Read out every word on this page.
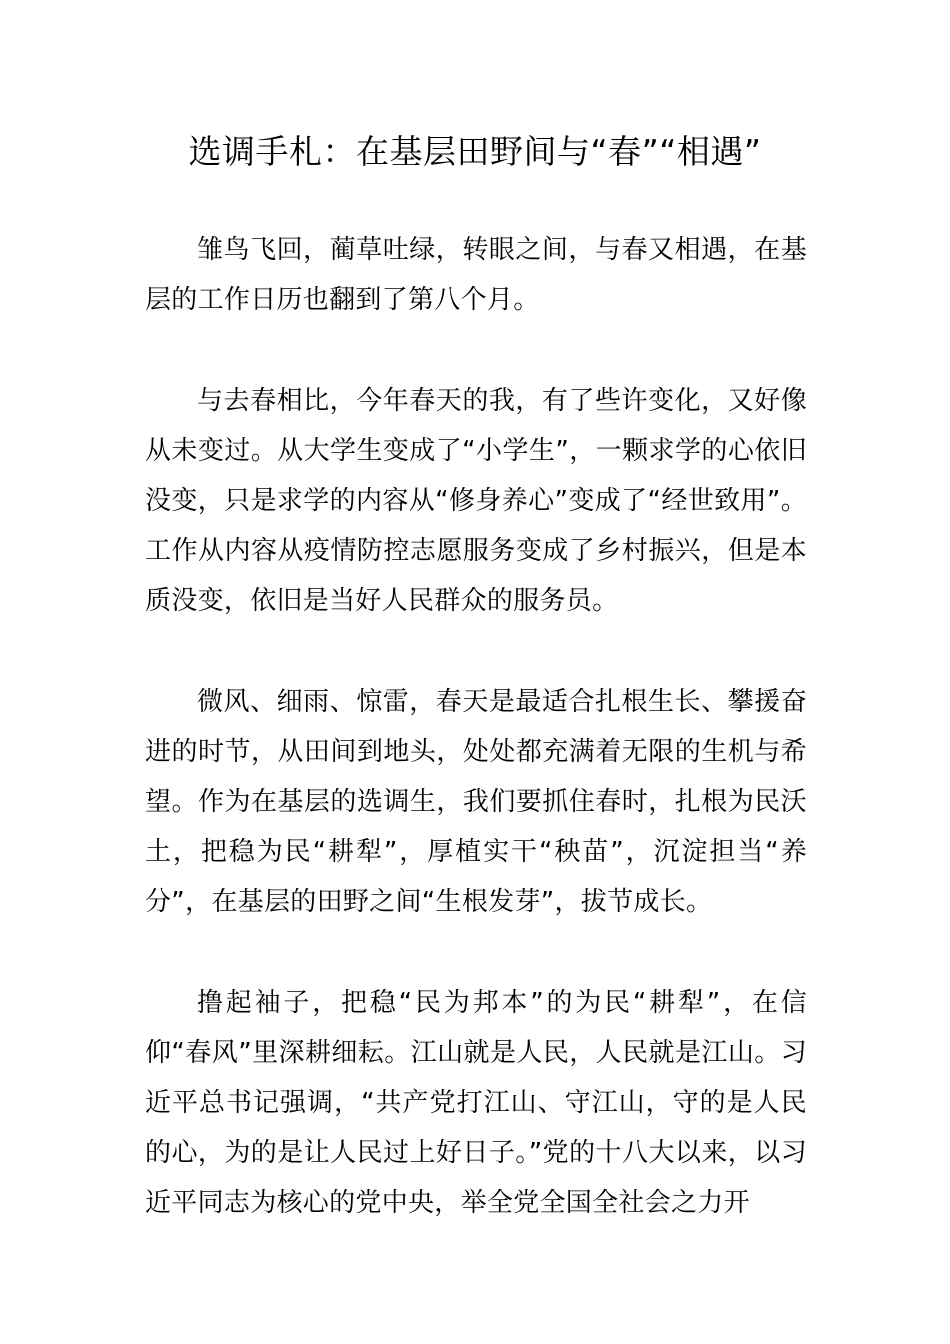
选调手札：在基层田野间与“春”“相遇”

雏鸟飞回，蔺草吐绿，转眼之间，与春又相遇，在基层的工作日历也翻到了第八个月。

与去春相比，今年春天的我，有了些许变化，又好像从未变过。从大学生变成了“小学生”，一颗求学的心依旧没变，只是求学的内容从“修身养心”变成了“经世致用”。工作从内容从疫情防控志愿服务变成了乡村振兴，但是本质没变，依旧是当好人民群众的服务员。

微风、细雨、惊雷，春天是最适合扎根生长、攀援奋进的时节，从田间到地头，处处都充满着无限的生机与希望。作为在基层的选调生，我们要抓住春时，扎根为民沃土，把稳为民“耕犁”，厚植实干“秧苗”，沉淀担当“养分”，在基层的田野之间“生根发芽”，拔节成长。

撸起袖子，把稳“民为邦本”的为民“耕犁”，在信仰“春风”里深耕细耘。江山就是人民，人民就是江山。习近平总书记强调，“共产党打江山、守江山，守的是人民的心，为的是让人民过上好日子。”党的十八大以来，以习近平同志为核心的党中央，举全党全国全社会之力开
